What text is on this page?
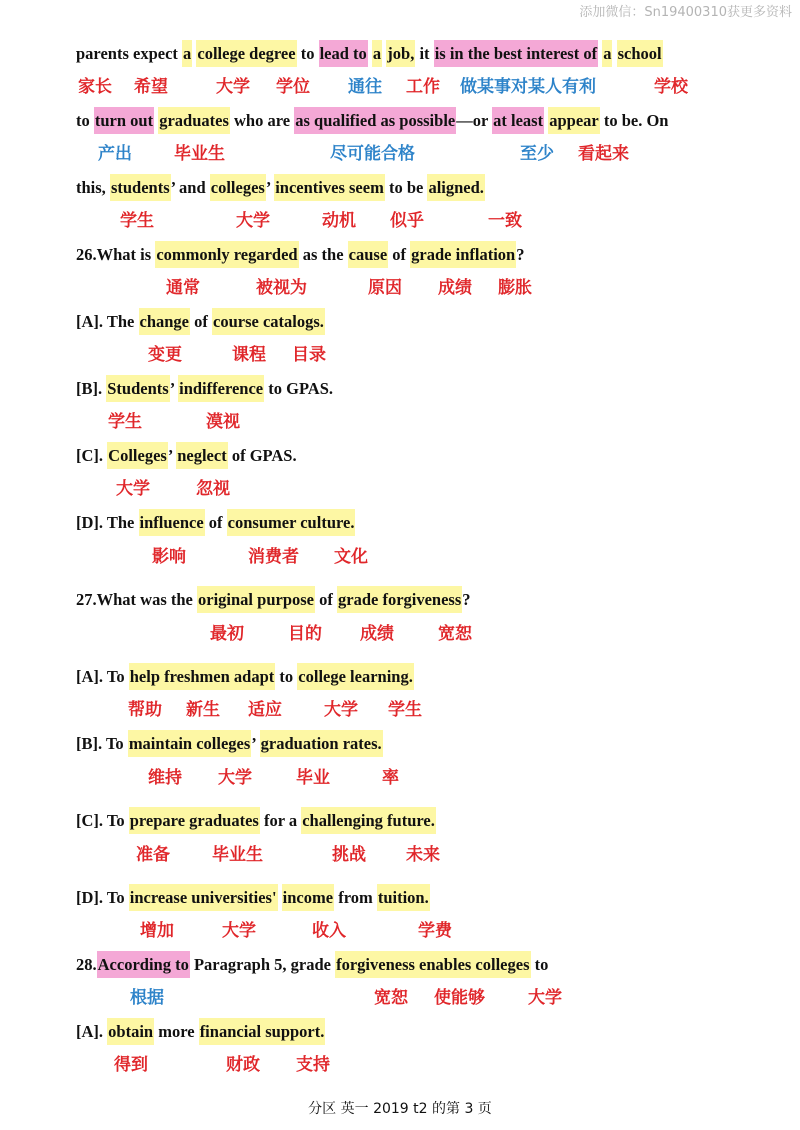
添加微信：Sn19400310获更多资料
parents expect a college degree to lead to a job, it is in the best interest of a school
家长 希望	大学 学位 通往 工作 做某事对某人有利	学校
to turn out graduates who are as qualified as possible—or at least appear to be. On
产出 毕业生	尽可能合格	至少 看起来
this, students’ and colleges’ incentives seem to be aligned.
学生	大学	动机 似乎	一致
26.What is commonly regarded as the cause of grade inflation?
通常	被视为	原因 成绩 膨胀
[A]. The change of course catalogs.
变更	课程 目录
[B]. Students’ indifference to GPAS.
学生	漠视
[C]. Colleges’ neglect of GPAS.
大学	忽视
[D]. The influence of consumer culture.
影响	消费者 文化
27.What was the original purpose of grade forgiveness?
最初	目的 成绩	宽恕
[A]. To help freshmen adapt to college learning.
帮助 新生 适应 大学 学生
[B]. To maintain colleges’ graduation rates.
维持 大学	毕业	率
[C]. To prepare graduates for a challenging future.
准备 毕业生	挑战 未来
[D]. To increase universities' income from tuition.
增加	大学	收入	学费
28.According to Paragraph 5, grade forgiveness enables colleges to
根据	宽恕 使能够	大学
[A]. obtain more financial support.
得到	财政 支持
分区 英一 2019 t2 的第 3 页
